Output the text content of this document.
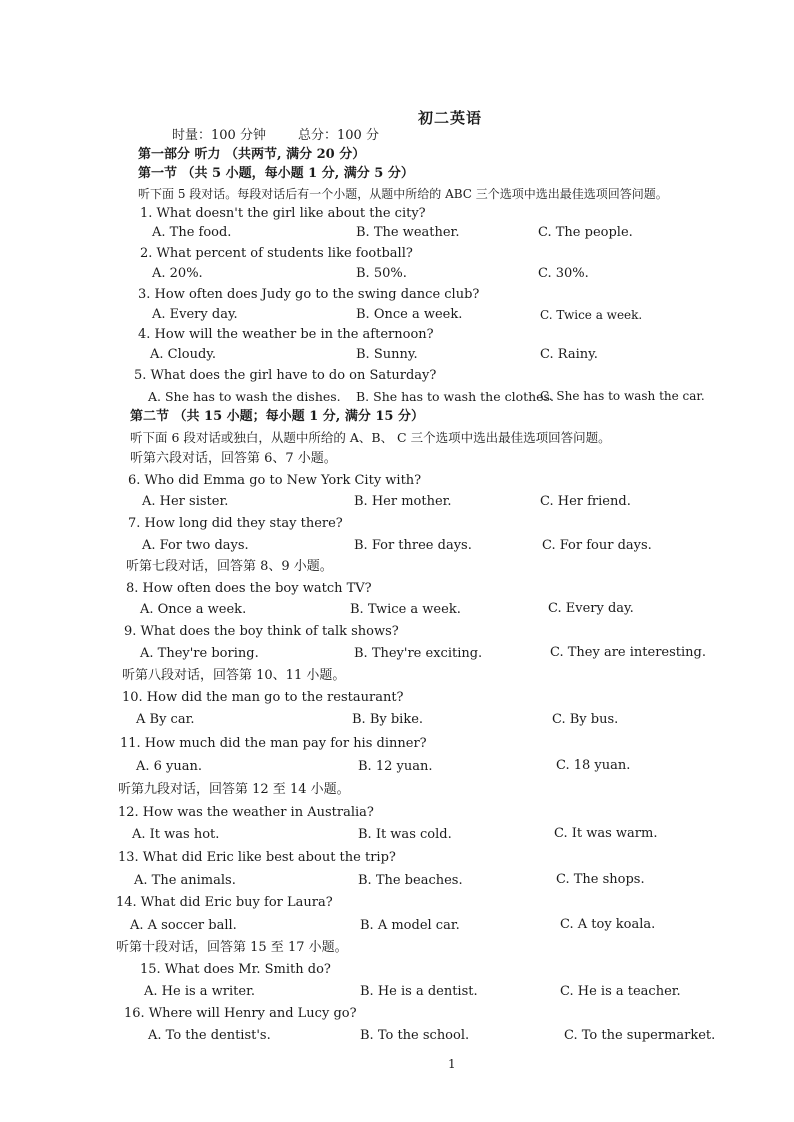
初二英语
时量：100 分钟 总分：100 分
第一部分 听力 （共两节, 满分 20 分）
第一节 （共 5 小题，每小题 1 分, 满分 5 分）
听下面 5 段对话。每段对话后有一个小题，从题中所给的 ABC 三个选项中选出最佳选项回答问题。
1. What doesn't the girl like about the city?
A. The food.	B. The weather.	C. The people.
2. What percent of students like football?
A. 20%.	B. 50%.	C. 30%.
3. How often does Judy go to the swing dance club?
A. Every day.	B. Once a week.	C. Twice a week.
4. How will the weather be in the afternoon?
A. Cloudy.	B. Sunny.	C. Rainy.
5. What does the girl have to do on Saturday?
A. She has to wash the dishes. B. She has to wash the clothes.
C. She has to wash the car.
第二节 （共 15 小题；每小题 1 分, 满分 15 分）
听下面 6 段对话或独白，从题中所给的 A、B、 C 三个选项中选出最佳选项回答问题。
听第六段对话，回答第 6、7 小题。
6. Who did Emma go to New York City with?
A. Her sister.	B. Her mother.	C. Her friend.
7. How long did they stay there?
A. For two days.	B. For three days.	C. For four days.
听第七段对话，回答第 8、9 小题。
8. How often does the boy watch TV?
A. Once a week.	B. Twice a week.	C. Every day.
9. What does the boy think of talk shows?
A. They're boring.	B. They're exciting.	C. They are interesting.
听第八段对话，回答第 10、11 小题。
10. How did the man go to the restaurant?
A By car.	B. By bike.	C. By bus.
11. How much did the man pay for his dinner?
A. 6 yuan.	B. 12 yuan.	C. 18 yuan.
听第九段对话，回答第 12 至 14 小题。
12. How was the weather in Australia?
A. It was hot.	B. It was cold.	C. It was warm.
13. What did Eric like best about the trip?
A. The animals.	B. The beaches.	C. The shops.
14. What did Eric buy for Laura?
A. A soccer ball.	B. A model car.	C. A toy koala.
听第十段对话，回答第 15 至 17 小题。
15. What does Mr. Smith do?
A. He is a writer.	B. He is a dentist.	C. He is a teacher.
16. Where will Henry and Lucy go?
A. To the dentist's.	B. To the school.	C. To the supermarket.
1
